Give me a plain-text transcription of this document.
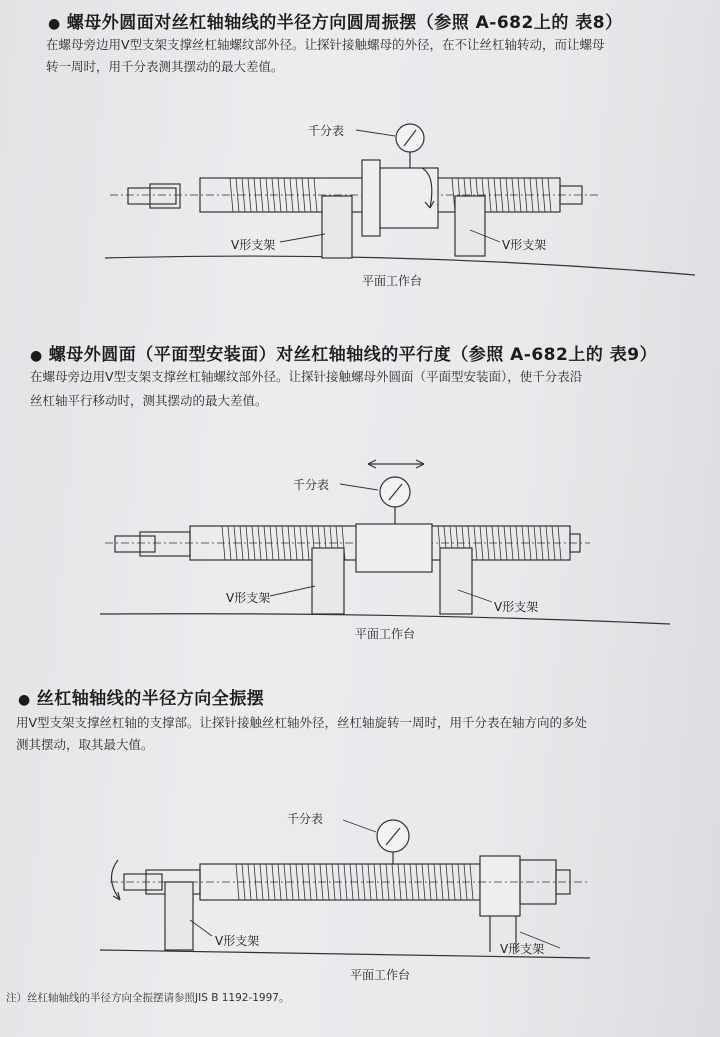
● 螺母外圆面对丝杠轴轴线的半径方向圆周振摆（参照 A-682上的 表8）
在螺母旁边用V型支架支撑丝杠轴螺纹部外径。让探针接触螺母的外径，在不让丝杠轴转动，而让螺母
转一周时，用千分表测其摆动的最大差值。
千分表
V形支架	V形支架
平面工作台
● 螺母外圆面（平面型安装面）对丝杠轴轴线的平行度（参照 A-682上的 表9）
在螺母旁边用V型支架支撑丝杠轴螺纹部外径。让探针接触螺母外圆面（平面型安装面），使千分表沿
丝杠轴平行移动时，测其摆动的最大差值。
千分表
V形支架
V形支架
平面工作台
● 丝杠轴轴线的半径方向全振摆
用V型支架支撑丝杠轴的支撑部。让探针接触丝杠轴外径，丝杠轴旋转一周时，用千分表在轴方向的多处
测其摆动，取其最大值。
千分表
V形支架
V形支架
平面工作台
注）丝杠轴轴线的半径方向全振摆请参照JIS B 1192-1997。
